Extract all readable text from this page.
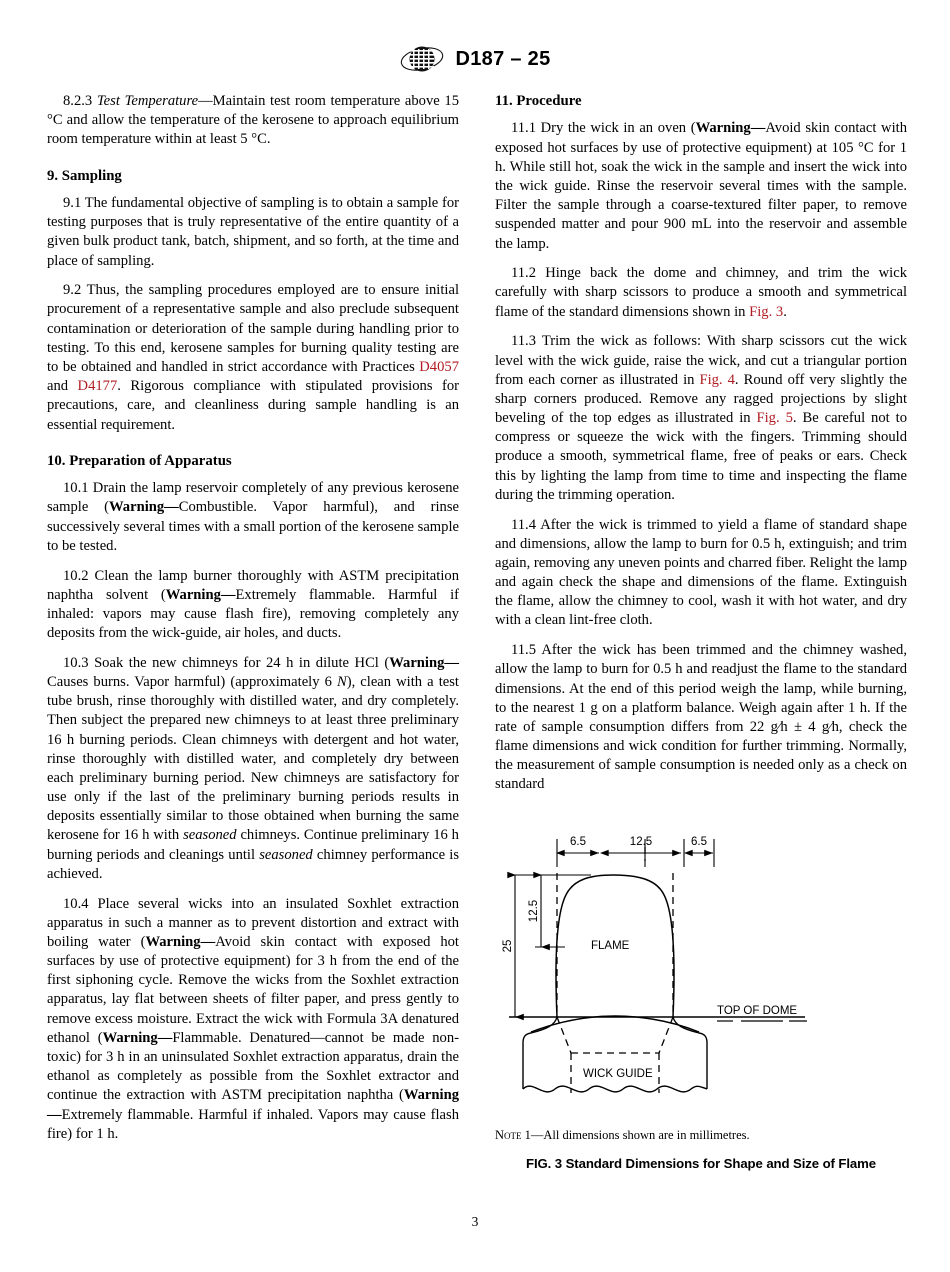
D187 – 25

8.2.3 Test Temperature—Maintain test room temperature above 15 °C and allow the temperature of the kerosene to approach equilibrium room temperature within at least 5 °C.

9. Sampling

9.1 The fundamental objective of sampling is to obtain a sample for testing purposes that is truly representative of the entire quantity of a given bulk product tank, batch, shipment, and so forth, at the time and place of sampling.

9.2 Thus, the sampling procedures employed are to ensure initial procurement of a representative sample and also preclude subsequent contamination or deterioration of the sample during handling prior to testing. To this end, kerosene samples for burning quality testing are to be obtained and handled in strict accordance with Practices D4057 and D4177. Rigorous compliance with stipulated provisions for precautions, care, and cleanliness during sample handling is an essential requirement.

10. Preparation of Apparatus

10.1 Drain the lamp reservoir completely of any previous kerosene sample (Warning—Combustible. Vapor harmful), and rinse successively several times with a small portion of the kerosene sample to be tested.

10.2 Clean the lamp burner thoroughly with ASTM precipitation naphtha solvent (Warning—Extremely flammable. Harmful if inhaled: vapors may cause flash fire), removing completely any deposits from the wick-guide, air holes, and ducts.

10.3 Soak the new chimneys for 24 h in dilute HCl (Warning—Causes burns. Vapor harmful) (approximately 6 N), clean with a test tube brush, rinse thoroughly with distilled water, and dry completely. Then subject the prepared new chimneys to at least three preliminary 16 h burning periods. Clean chimneys with detergent and hot water, rinse thoroughly with distilled water, and completely dry between each preliminary burning period. New chimneys are satisfactory for use only if the last of the preliminary burning periods results in deposits essentially similar to those obtained when burning the same kerosene for 16 h with seasoned chimneys. Continue preliminary 16 h burning periods and cleanings until seasoned chimney performance is achieved.

10.4 Place several wicks into an insulated Soxhlet extraction apparatus in such a manner as to prevent distortion and extract with boiling water (Warning—Avoid skin contact with exposed hot surfaces by use of protective equipment) for 3 h from the end of the first siphoning cycle. Remove the wicks from the Soxhlet extraction apparatus, lay flat between sheets of filter paper, and press gently to remove excess moisture. Extract the wick with Formula 3A denatured ethanol (Warning—Flammable. Denatured—cannot be made non-toxic) for 3 h in an uninsulated Soxhlet extraction apparatus, drain the ethanol as completely as possible from the Soxhlet extractor and continue the extraction with ASTM precipitation naphtha (Warning—Extremely flammable. Harmful if inhaled. Vapors may cause flash fire) for 1 h.

11. Procedure

11.1 Dry the wick in an oven (Warning—Avoid skin contact with exposed hot surfaces by use of protective equipment) at 105 °C for 1 h. While still hot, soak the wick in the sample and insert the wick into the wick guide. Rinse the reservoir several times with the sample. Filter the sample through a coarse-textured filter paper, to remove suspended matter and pour 900 mL into the reservoir and assemble the lamp.

11.2 Hinge back the dome and chimney, and trim the wick carefully with sharp scissors to produce a smooth and symmetrical flame of the standard dimensions shown in Fig. 3.

11.3 Trim the wick as follows: With sharp scissors cut the wick level with the wick guide, raise the wick, and cut a triangular portion from each corner as illustrated in Fig. 4. Round off very slightly the sharp corners produced. Remove any ragged projections by slight beveling of the top edges as illustrated in Fig. 5. Be careful not to compress or squeeze the wick with the fingers. Trimming should produce a smooth, symmetrical flame, free of peaks or ears. Check this by lighting the lamp from time to time and inspecting the flame during the trimming operation.

11.4 After the wick is trimmed to yield a flame of standard shape and dimensions, allow the lamp to burn for 0.5 h, extinguish; and trim again, removing any uneven points and charred fiber. Relight the lamp and again check the shape and dimensions of the flame. Extinguish the flame, allow the chimney to cool, wash it with hot water, and dry with a clean lint-free cloth.

11.5 After the wick has been trimmed and the chimney washed, allow the lamp to burn for 0.5 h and readjust the flame to the standard dimensions. At the end of this period weigh the lamp, while burning, to the nearest 1 g on a platform balance. Weigh again after 1 h. If the rate of sample consumption differs from 22 g⁄h ± 4 g⁄h, check the flame dimensions and wick condition for further trimming. Normally, the measurement of sample consumption is needed only as a check on standard

6.5	12.5	6.5
25
12.5
FLAME
TOP OF DOME
WICK GUIDE

Note 1—All dimensions shown are in millimetres.

FIG. 3 Standard Dimensions for Shape and Size of Flame
3
